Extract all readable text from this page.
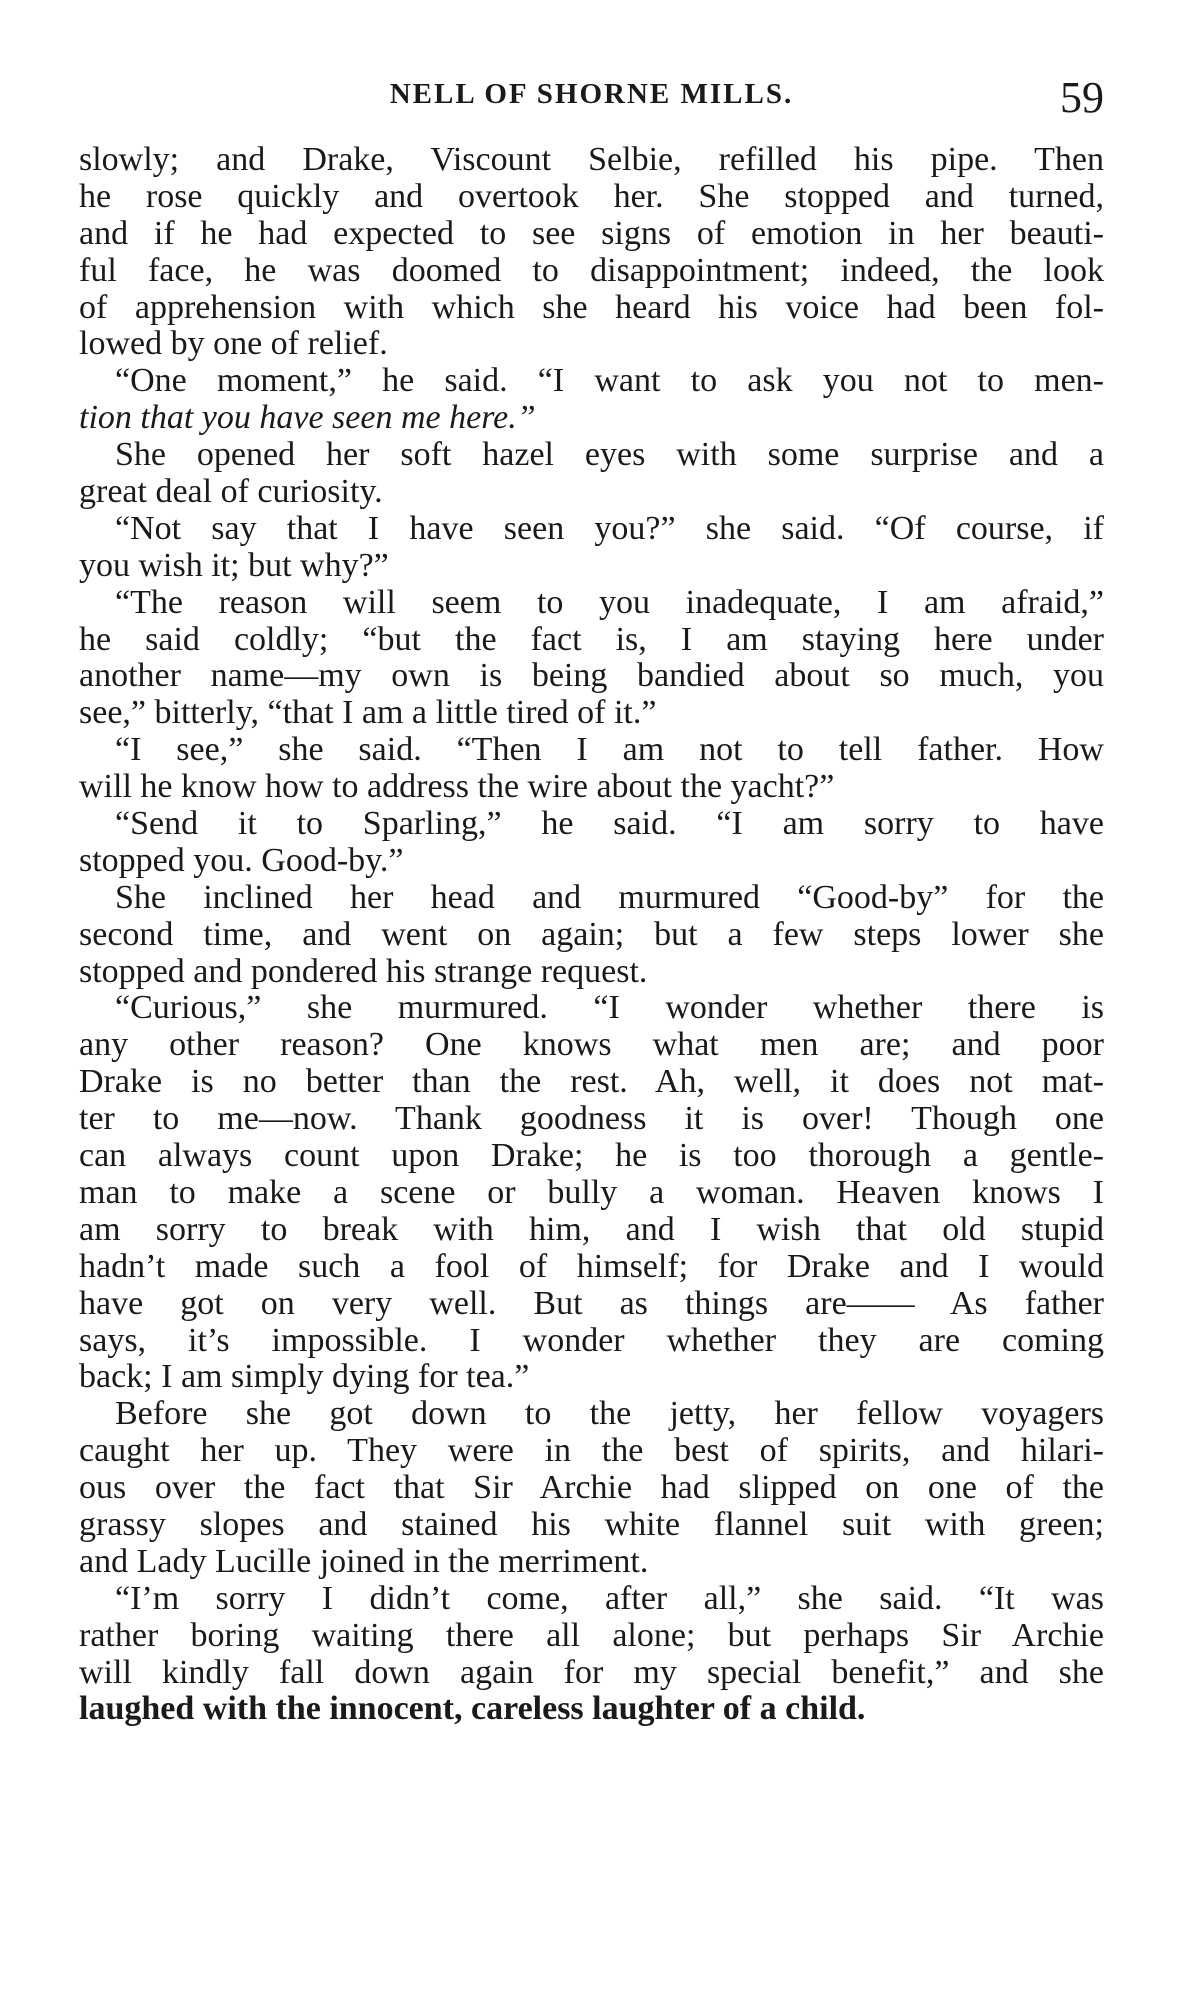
NELL OF SHORNE MILLS.	59
slowly; and Drake, Viscount Selbie, refilled his pipe. Then
he rose quickly and overtook her. She stopped and turned,
and if he had expected to see signs of emotion in her beauti-
ful face, he was doomed to disappointment; indeed, the look
of apprehension with which she heard his voice had been fol-
lowed by one of relief.
“One moment,” he said. “I want to ask you not to men-
tion that you have seen me here.”
She opened her soft hazel eyes with some surprise and a
great deal of curiosity.
“Not say that I have seen you?” she said. “Of course, if
you wish it; but why?”
“The reason will seem to you inadequate, I am afraid,”
he said coldly; “but the fact is, I am staying here under
another name—my own is being bandied about so much, you
see,” bitterly, “that I am a little tired of it.”
“I see,” she said. “Then I am not to tell father. How
will he know how to address the wire about the yacht?”
“Send it to Sparling,” he said. “I am sorry to have
stopped you. Good-by.”
She inclined her head and murmured “Good-by” for the
second time, and went on again; but a few steps lower she
stopped and pondered his strange request.
“Curious,” she murmured. “I wonder whether there is
any other reason? One knows what men are; and poor
Drake is no better than the rest. Ah, well, it does not mat-
ter to me—now. Thank goodness it is over! Though one
can always count upon Drake; he is too thorough a gentle-
man to make a scene or bully a woman. Heaven knows I
am sorry to break with him, and I wish that old stupid
hadn’t made such a fool of himself; for Drake and I would
have got on very well. But as things are—— As father
says, it’s impossible. I wonder whether they are coming
back; I am simply dying for tea.”
Before she got down to the jetty, her fellow voyagers
caught her up. They were in the best of spirits, and hilari-
ous over the fact that Sir Archie had slipped on one of the
grassy slopes and stained his white flannel suit with green;
and Lady Lucille joined in the merriment.
“I’m sorry I didn’t come, after all,” she said. “It was
rather boring waiting there all alone; but perhaps Sir Archie
will kindly fall down again for my special benefit,” and she
laughed with the innocent, careless laughter of a child.
